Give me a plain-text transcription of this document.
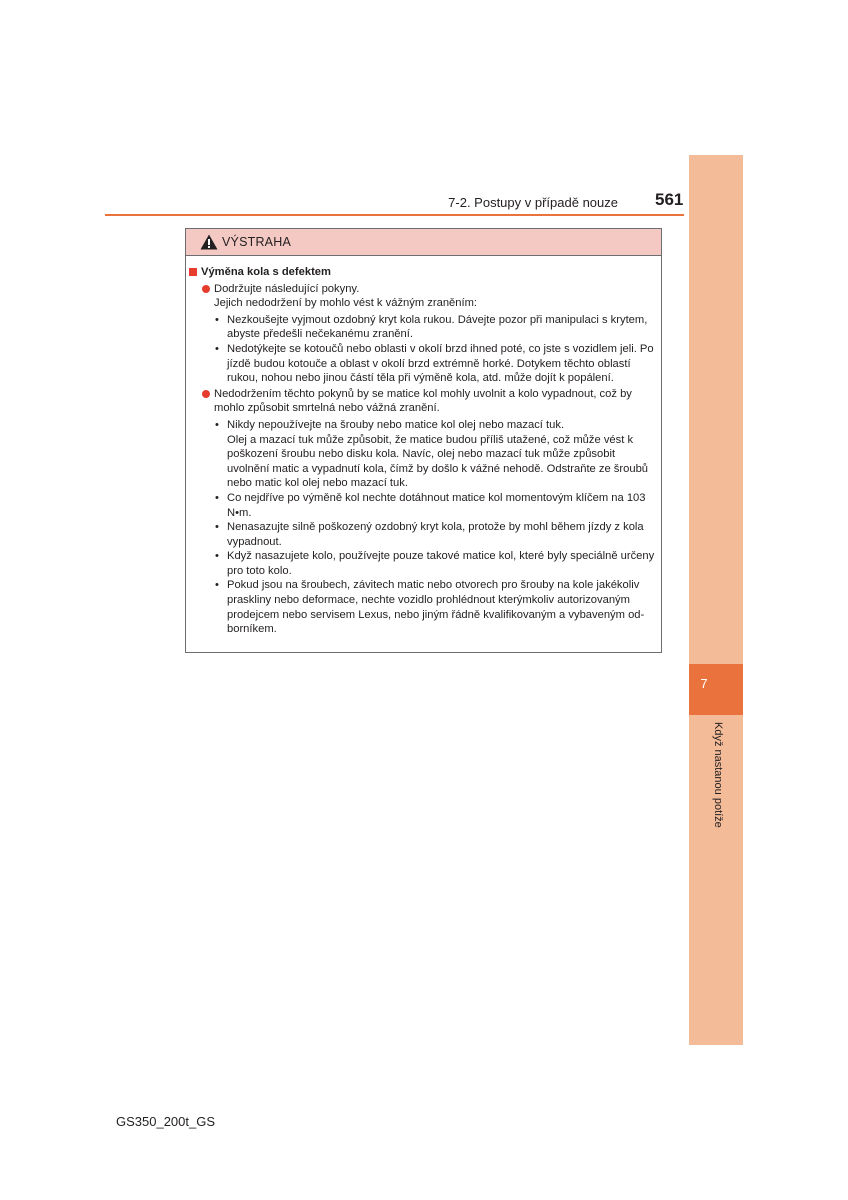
7
Když nastanou potíže
7-2. Postupy v případě nouze 561
VÝSTRAHA
Výměna kola s defektem
Dodržujte následující pokyny.
Jejich nedodržení by mohlo vést k vážným zraněním:
• Nezkoušejte vyjmout ozdobný kryt kola rukou. Dávejte pozor při manipulaci s krytem, abyste předešli nečekanému zranění.
• Nedotýkejte se kotoučů nebo oblasti v okolí brzd ihned poté, co jste s vozidlem jeli. Po jízdě budou kotouče a oblast v okolí brzd extrémně horké. Dotykem těchto oblastí rukou, nohou nebo jinou částí těla při výměně kola, atd. může dojít k popálení.
Nedodržením těchto pokynů by se matice kol mohly uvolnit a kolo vypadnout, což by mohlo způsobit smrtelná nebo vážná zranění.
• Nikdy nepoužívejte na šrouby nebo matice kol olej nebo mazací tuk.
Olej a mazací tuk může způsobit, že matice budou příliš utažené, což může vést k poškození šroubu nebo disku kola. Navíc, olej nebo mazací tuk může způsobit uvolnění matic a vypadnutí kola, čímž by došlo k vážné nehodě. Odstraňte ze šroubů nebo matic kol olej nebo mazací tuk.
• Co nejdříve po výměně kol nechte dotáhnout matice kol momentovým klíčem na 103 N•m.
• Nenasazujte silně poškozený ozdobný kryt kola, protože by mohl během jízdy z kola vypadnout.
• Když nasazujete kolo, používejte pouze takové matice kol, které byly speciálně určeny pro toto kolo.
• Pokud jsou na šroubech, závitech matic nebo otvorech pro šrouby na kole jakékoliv praskliny nebo deformace, nechte vozidlo prohlédnout kterýmkoliv autorizovaným prodejcem nebo servisem Lexus, nebo jiným řádně kvalifikovaným a vybaveným odborníkem.
GS350_200t_GS
